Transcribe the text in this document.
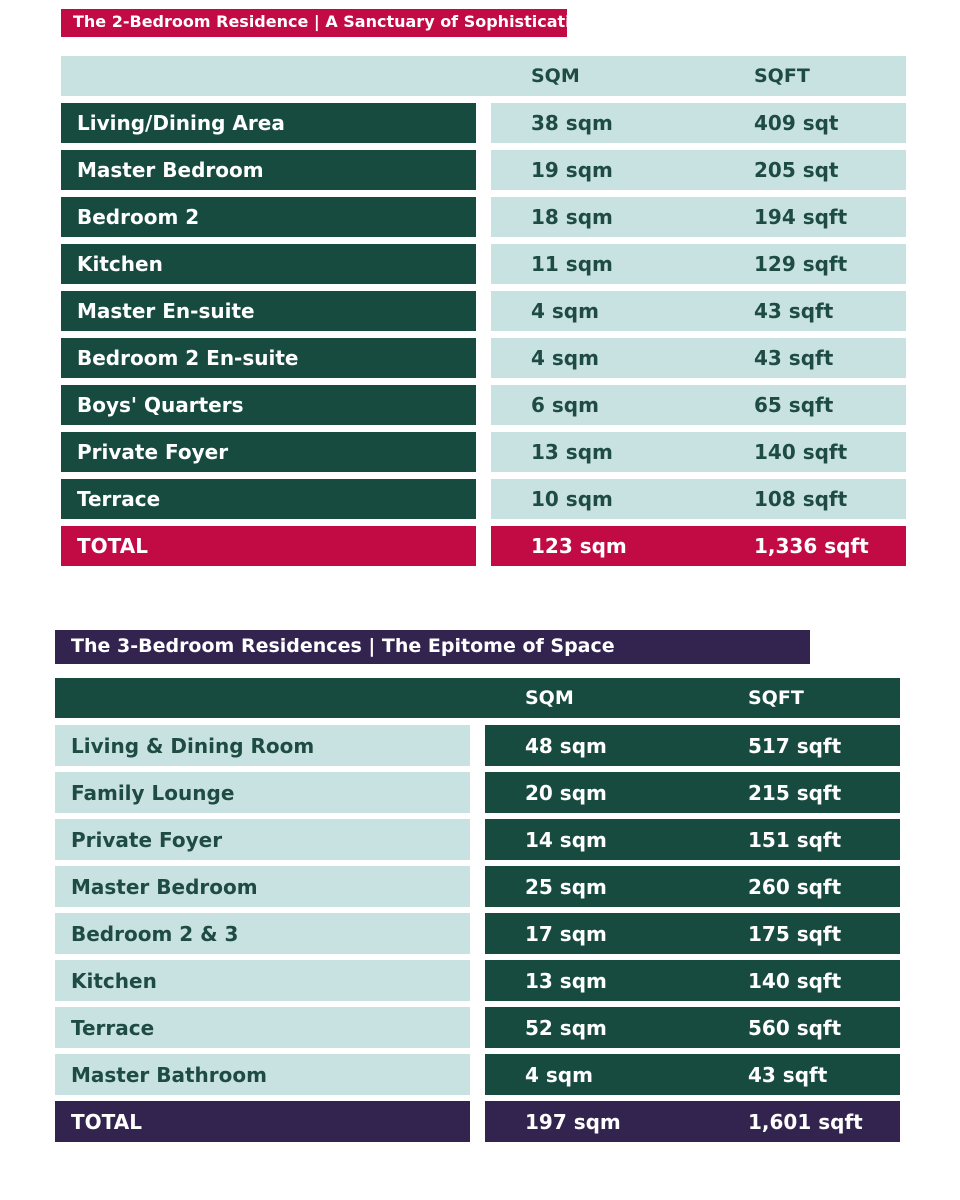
The 2-Bedroom Residence | A Sanctuary of Sophistication
SQM	SQFT
Living/Dining Area	38 sqm	409 sqt
Master Bedroom	19 sqm	205 sqt
Bedroom 2	18 sqm	194 sqft
Kitchen	11 sqm	129 sqft
Master En-suite	4 sqm	43 sqft
Bedroom 2 En-suite	4 sqm	43 sqft
Boys' Quarters	6 sqm	65 sqft
Private Foyer	13 sqm	140 sqft
Terrace	10 sqm	108 sqft
TOTAL	123 sqm	1,336 sqft
The 3-Bedroom Residences | The Epitome of Space
SQM	SQFT
Living & Dining Room	48 sqm	517 sqft
Family Lounge	20 sqm	215 sqft
Private Foyer	14 sqm	151 sqft
Master Bedroom	25 sqm	260 sqft
Bedroom 2 & 3	17 sqm	175 sqft
Kitchen	13 sqm	140 sqft
Terrace	52 sqm	560 sqft
Master Bathroom	4 sqm	43 sqft
TOTAL	197 sqm	1,601 sqft
